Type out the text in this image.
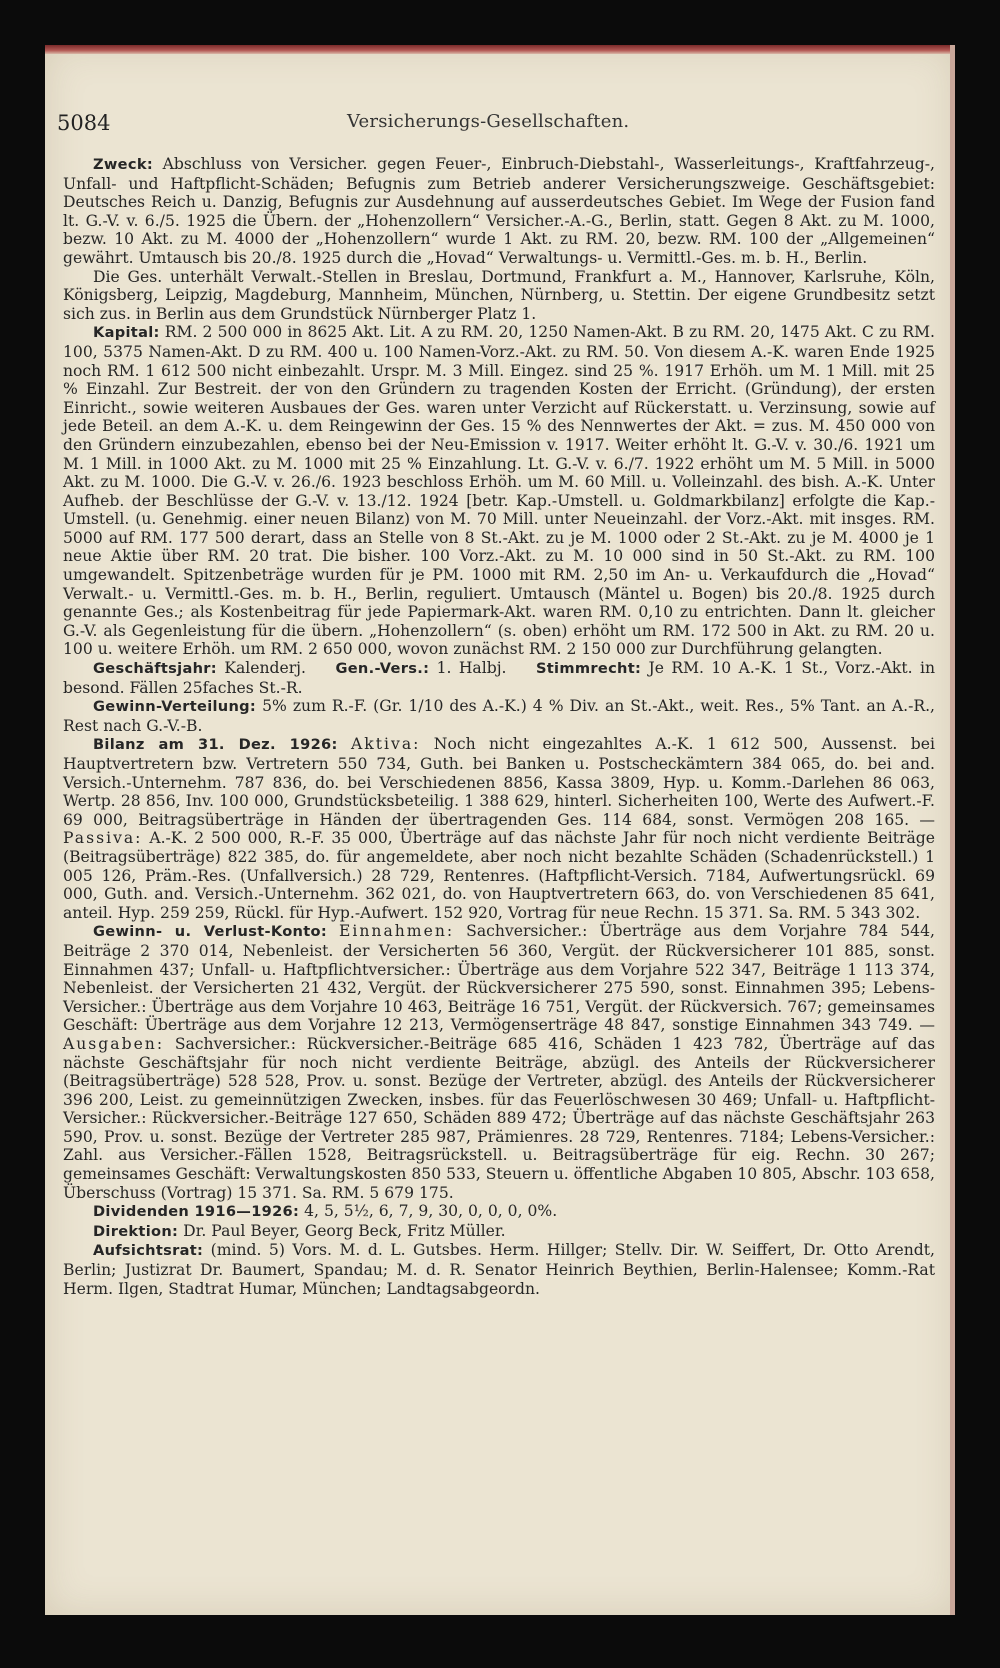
5084	Versicherungs-Gesellschaften.

Zweck: Abschluss von Versicher. gegen Feuer-, Einbruch-Diebstahl-, Wasserleitungs-, Kraftfahrzeug-, Unfall- und Haftpflicht-Schäden; Befugnis zum Betrieb anderer Versicherungszweige. Geschäftsgebiet: Deutsches Reich u. Danzig, Befugnis zur Ausdehnung auf ausserdeutsches Gebiet. Im Wege der Fusion fand lt. G.-V. v. 6./5. 1925 die Übern. der „Hohenzollern“ Versicher.-A.-G., Berlin, statt. Gegen 8 Akt. zu M. 1000, bezw. 10 Akt. zu M. 4000 der „Hohenzollern“ wurde 1 Akt. zu RM. 20, bezw. RM. 100 der „Allgemeinen“ gewährt. Umtausch bis 20./8. 1925 durch die „Hovad“ Verwaltungs- u. Vermittl.-Ges. m. b. H., Berlin.

Die Ges. unterhält Verwalt.-Stellen in Breslau, Dortmund, Frankfurt a. M., Hannover, Karlsruhe, Köln, Königsberg, Leipzig, Magdeburg, Mannheim, München, Nürnberg, u. Stettin. Der eigene Grundbesitz setzt sich zus. in Berlin aus dem Grundstück Nürnberger Platz 1.

Kapital: RM. 2 500 000 in 8625 Akt. Lit. A zu RM. 20, 1250 Namen-Akt. B zu RM. 20, 1475 Akt. C zu RM. 100, 5375 Namen-Akt. D zu RM. 400 u. 100 Namen-Vorz.-Akt. zu RM. 50. Von diesem A.-K. waren Ende 1925 noch RM. 1 612 500 nicht einbezahlt. Urspr. M. 3 Mill. Eingez. sind 25 %. 1917 Erhöh. um M. 1 Mill. mit 25 % Einzahl. Zur Bestreit. der von den Gründern zu tragenden Kosten der Erricht. (Gründung), der ersten Einricht., sowie weiteren Ausbaues der Ges. waren unter Verzicht auf Rückerstatt. u. Verzinsung, sowie auf jede Beteil. an dem A.-K. u. dem Reingewinn der Ges. 15 % des Nennwertes der Akt. = zus. M. 450 000 von den Gründern einzubezahlen, ebenso bei der Neu-Emission v. 1917. Weiter erhöht lt. G.-V. v. 30./6. 1921 um M. 1 Mill. in 1000 Akt. zu M. 1000 mit 25 % Einzahlung. Lt. G.-V. v. 6./7. 1922 erhöht um M. 5 Mill. in 5000 Akt. zu M. 1000. Die G.-V. v. 26./6. 1923 beschloss Erhöh. um M. 60 Mill. u. Volleinzahl. des bish. A.-K. Unter Aufheb. der Beschlüsse der G.-V. v. 13./12. 1924 [betr. Kap.-Umstell. u. Goldmarkbilanz] erfolgte die Kap.-Umstell. (u. Genehmig. einer neuen Bilanz) von M. 70 Mill. unter Neueinzahl. der Vorz.-Akt. mit insges. RM. 5000 auf RM. 177 500 derart, dass an Stelle von 8 St.-Akt. zu je M. 1000 oder 2 St.-Akt. zu je M. 4000 je 1 neue Aktie über RM. 20 trat. Die bisher. 100 Vorz.-Akt. zu M. 10 000 sind in 50 St.-Akt. zu RM. 100 umgewandelt. Spitzenbeträge wurden für je PM. 1000 mit RM. 2,50 im An- u. Verkaufdurch die „Hovad“ Verwalt.- u. Vermittl.-Ges. m. b. H., Berlin, reguliert. Umtausch (Mäntel u. Bogen) bis 20./8. 1925 durch genannte Ges.; als Kostenbeitrag für jede Papiermark-Akt. waren RM. 0,10 zu entrichten. Dann lt. gleicher G.-V. als Gegenleistung für die übern. „Hohenzollern“ (s. oben) erhöht um RM. 172 500 in Akt. zu RM. 20 u. 100 u. weitere Erhöh. um RM. 2 650 000, wovon zunächst RM. 2 150 000 zur Durchführung gelangten.

Geschäftsjahr: Kalenderj. Gen.-Vers.: 1. Halbj. Stimmrecht: Je RM. 10 A.-K. 1 St., Vorz.-Akt. in besond. Fällen 25faches St.-R.

Gewinn-Verteilung: 5% zum R.-F. (Gr. 1/10 des A.-K.) 4 % Div. an St.-Akt., weit. Res., 5% Tant. an A.-R., Rest nach G.-V.-B.

Bilanz am 31. Dez. 1926: Aktiva: Noch nicht eingezahltes A.-K. 1 612 500, Aussenst. bei Hauptvertretern bzw. Vertretern 550 734, Guth. bei Banken u. Postscheckämtern 384 065, do. bei and. Versich.-Unternehm. 787 836, do. bei Verschiedenen 8856, Kassa 3809, Hyp. u. Komm.-Darlehen 86 063, Wertp. 28 856, Inv. 100 000, Grundstücksbeteilig. 1 388 629, hinterl. Sicherheiten 100, Werte des Aufwert.-F. 69 000, Beitragsüberträge in Händen der übertragenden Ges. 114 684, sonst. Vermögen 208 165. — Passiva: A.-K. 2 500 000, R.-F. 35 000, Überträge auf das nächste Jahr für noch nicht verdiente Beiträge (Beitragsüberträge) 822 385, do. für angemeldete, aber noch nicht bezahlte Schäden (Schadenrückstell.) 1 005 126, Präm.-Res. (Unfallversich.) 28 729, Rentenres. (Haftpflicht-Versich. 7184, Aufwertungsrückl. 69 000, Guth. and. Versich.-Unternehm. 362 021, do. von Hauptvertretern 663, do. von Verschiedenen 85 641, anteil. Hyp. 259 259, Rückl. für Hyp.-Aufwert. 152 920, Vortrag für neue Rechn. 15 371. Sa. RM. 5 343 302.

Gewinn- u. Verlust-Konto: Einnahmen: Sachversicher.: Überträge aus dem Vorjahre 784 544, Beiträge 2 370 014, Nebenleist. der Versicherten 56 360, Vergüt. der Rückversicherer 101 885, sonst. Einnahmen 437; Unfall- u. Haftpflichtversicher.: Überträge aus dem Vorjahre 522 347, Beiträge 1 113 374, Nebenleist. der Versicherten 21 432, Vergüt. der Rückversicherer 275 590, sonst. Einnahmen 395; Lebens-Versicher.: Überträge aus dem Vorjahre 10 463, Beiträge 16 751, Vergüt. der Rückversich. 767; gemeinsames Geschäft: Überträge aus dem Vorjahre 12 213, Vermögenserträge 48 847, sonstige Einnahmen 343 749. — Ausgaben: Sachversicher.: Rückversicher.-Beiträge 685 416, Schäden 1 423 782, Überträge auf das nächste Geschäftsjahr für noch nicht verdiente Beiträge, abzügl. des Anteils der Rückversicherer (Beitragsüberträge) 528 528, Prov. u. sonst. Bezüge der Vertreter, abzügl. des Anteils der Rückversicherer 396 200, Leist. zu gemeinnützigen Zwecken, insbes. für das Feuerlöschwesen 30 469; Unfall- u. Haftpflicht-Versicher.: Rückversicher.-Beiträge 127 650, Schäden 889 472; Überträge auf das nächste Geschäftsjahr 263 590, Prov. u. sonst. Bezüge der Vertreter 285 987, Prämienres. 28 729, Rentenres. 7184; Lebens-Versicher.: Zahl. aus Versicher.-Fällen 1528, Beitragsrückstell. u. Beitragsüberträge für eig. Rechn. 30 267; gemeinsames Geschäft: Verwaltungskosten 850 533, Steuern u. öffentliche Abgaben 10 805, Abschr. 103 658, Überschuss (Vortrag) 15 371. Sa. RM. 5 679 175.

Dividenden 1916—1926: 4, 5, 5½, 6, 7, 9, 30, 0, 0, 0, 0%.

Direktion: Dr. Paul Beyer, Georg Beck, Fritz Müller.

Aufsichtsrat: (mind. 5) Vors. M. d. L. Gutsbes. Herm. Hillger; Stellv. Dir. W. Seiffert, Dr. Otto Arendt, Berlin; Justizrat Dr. Baumert, Spandau; M. d. R. Senator Heinrich Beythien, Berlin-Halensee; Komm.-Rat Herm. Ilgen, Stadtrat Humar, München; Landtagsabgeordn.
